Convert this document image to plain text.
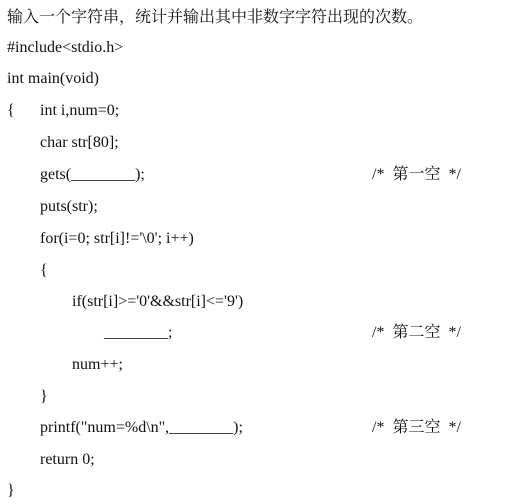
输入一个字符串，统计并输出其中非数字字符出现的次数。
#include<stdio.h>
int main(void)
{ int i,num=0;
char str[80];
gets(________);
puts(str);
for(i=0; str[i]!='\0'; i++)
{
if(str[i]>='0'&&str[i]<='9')
________;
num++;
}
printf("num=%d\n",________);
return 0;
}
/*  第一空  */
/*  第二空  */
/*  第三空  */
